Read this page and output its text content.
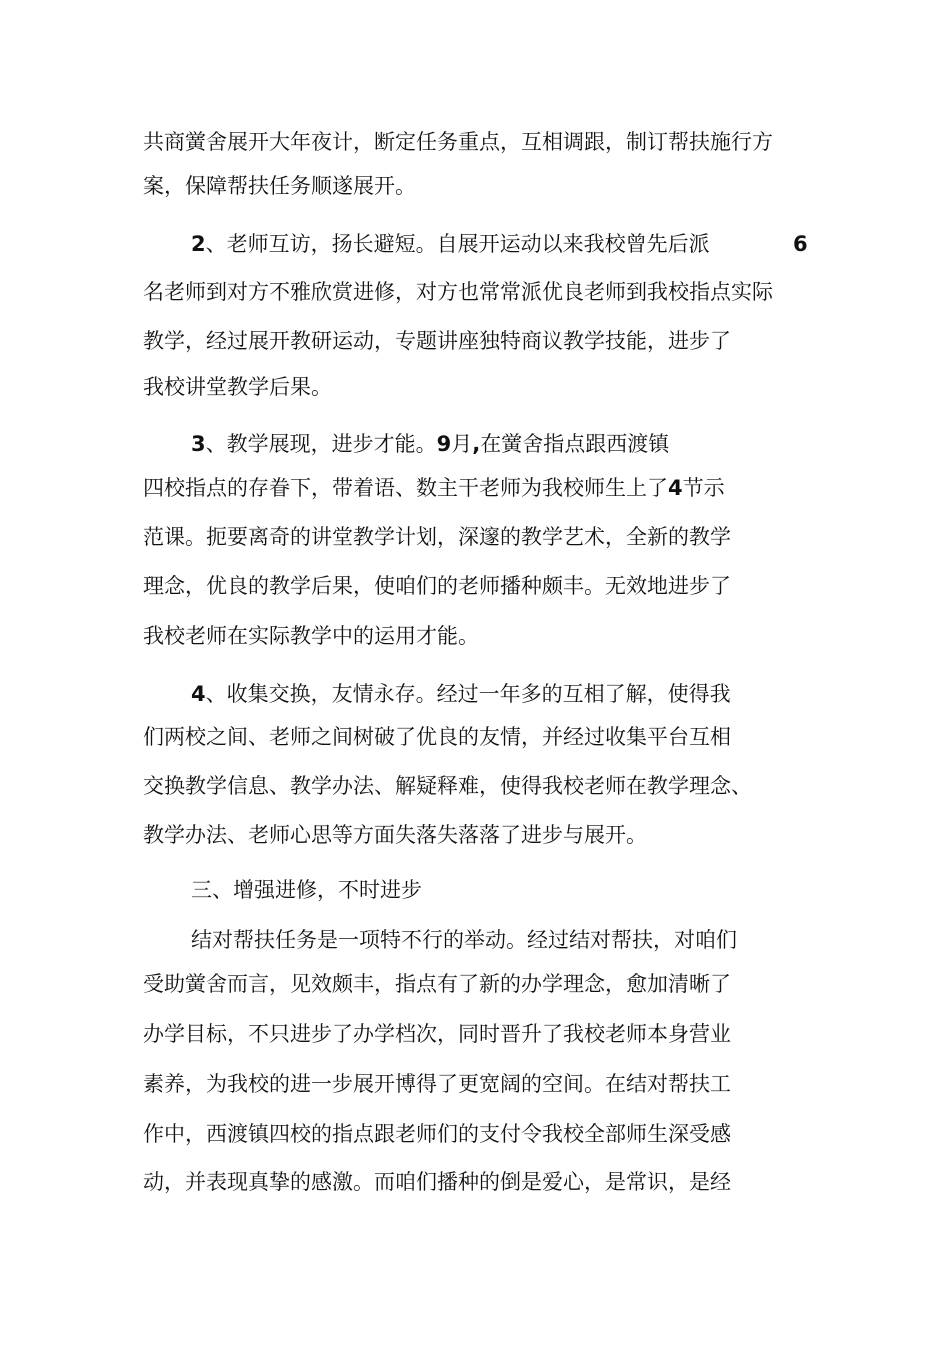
共商黉舍展开大年夜计，断定任务重点，互相调跟，制订帮扶施行方

案，保障帮扶任务顺遂展开。

2、老师互访，扬长避短。自展开运动以来我校曾先后派	6

名老师到对方不雅欣赏进修，对方也常常派优良老师到我校指点实际

教学，经过展开教研运动，专题讲座独特商议教学技能，进步了

我校讲堂教学后果。

3、教学展现，进步才能。9月,在黉舍指点跟西渡镇

四校指点的存眷下，带着语、数主干老师为我校师生上了4节示

范课。扼要离奇的讲堂教学计划，深邃的教学艺术，全新的教学

理念，优良的教学后果，使咱们的老师播种颇丰。无效地进步了

我校老师在实际教学中的运用才能。

4、收集交换，友情永存。经过一年多的互相了解，使得我

们两校之间、老师之间树破了优良的友情，并经过收集平台互相

交换教学信息、教学办法、解疑释难，使得我校老师在教学理念、

教学办法、老师心思等方面失落失落落了进步与展开。

三、增强进修，不时进步

结对帮扶任务是一项特不行的举动。经过结对帮扶，对咱们

受助黉舍而言，见效颇丰，指点有了新的办学理念，愈加清晰了

办学目标，不只进步了办学档次，同时晋升了我校老师本身营业

素养，为我校的进一步展开博得了更宽阔的空间。在结对帮扶工

作中，西渡镇四校的指点跟老师们的支付令我校全部师生深受感

动，并表现真挚的感激。而咱们播种的倒是爱心，是常识，是经
